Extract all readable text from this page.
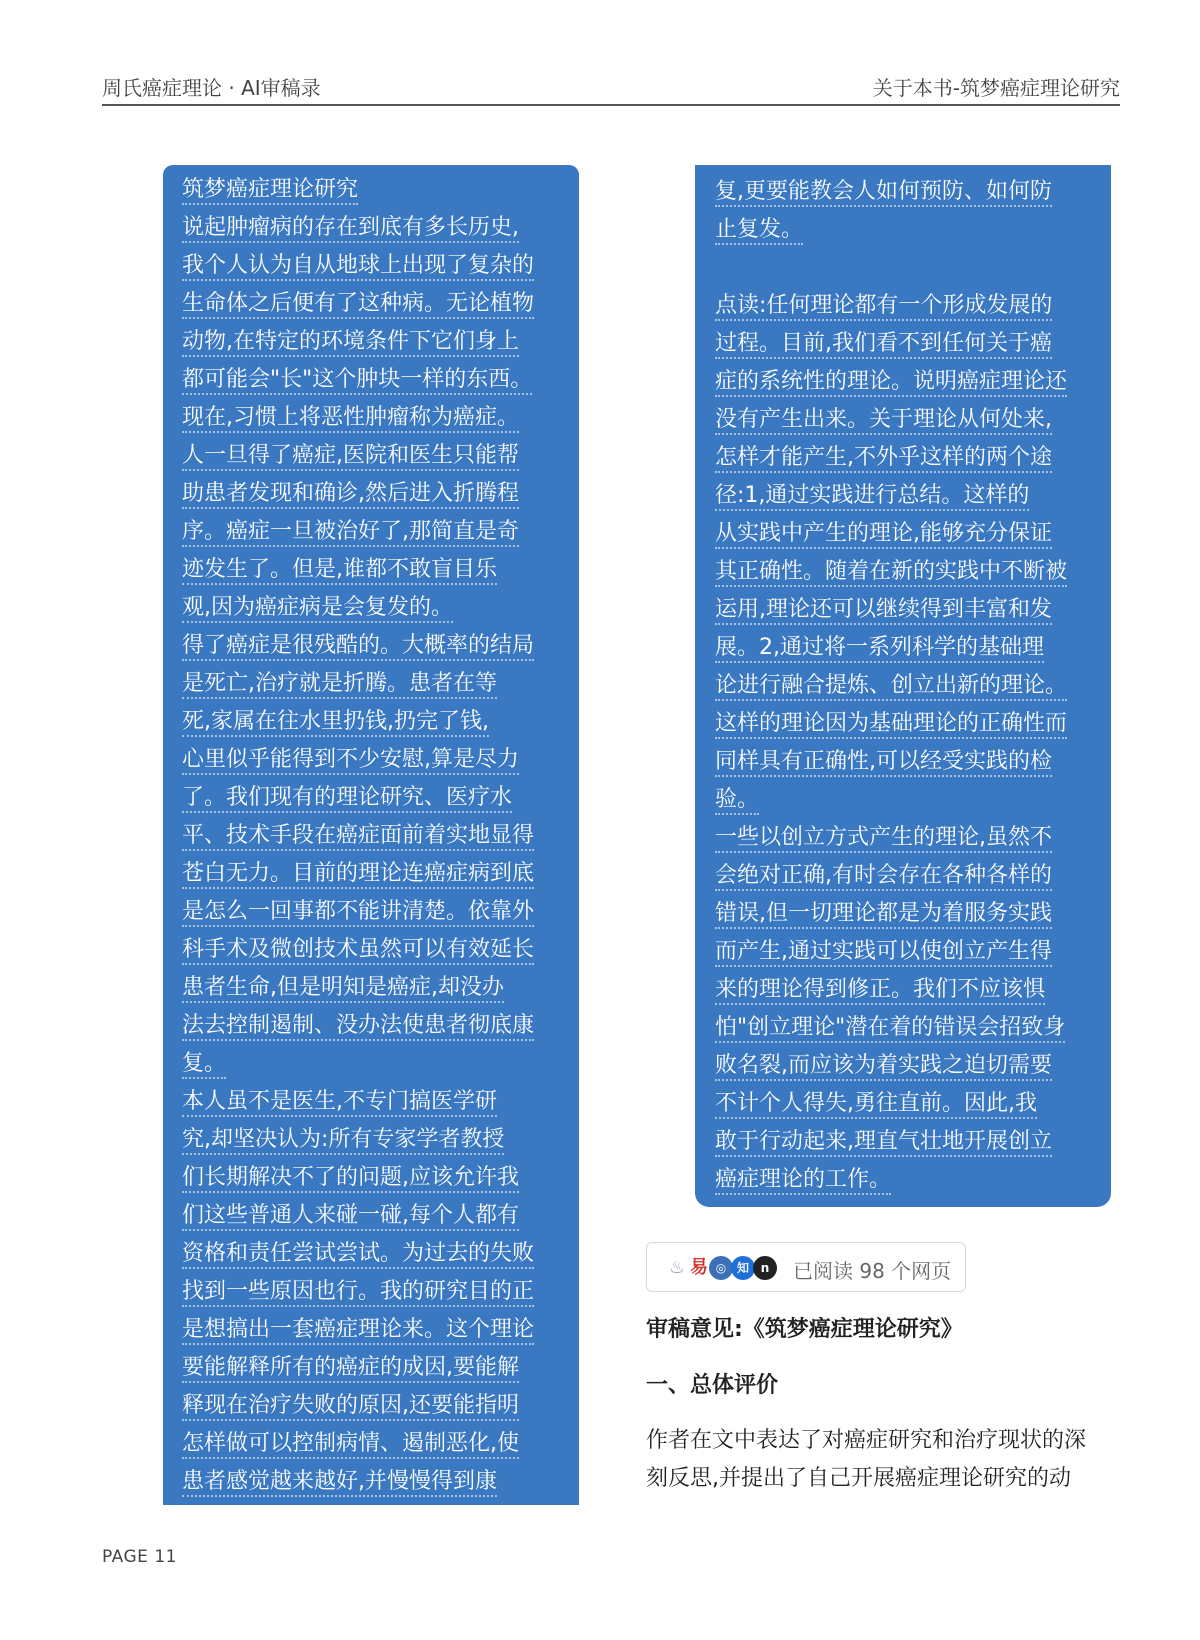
周氏癌症理论 · AI审稿录	关于本书-筑梦癌症理论研究
筑梦癌症理论研究
说起肿瘤病的存在到底有多长历史,
我个人认为自从地球上出现了复杂的
生命体之后便有了这种病。无论植物
动物,在特定的环境条件下它们身上
都可能会"长"这个肿块一样的东西。
现在,习惯上将恶性肿瘤称为癌症。
人一旦得了癌症,医院和医生只能帮
助患者发现和确诊,然后进入折腾程
序。癌症一旦被治好了,那简直是奇
迹发生了。但是,谁都不敢盲目乐
观,因为癌症病是会复发的。
得了癌症是很残酷的。大概率的结局
是死亡,治疗就是折腾。患者在等
死,家属在往水里扔钱,扔完了钱,
心里似乎能得到不少安慰,算是尽力
了。我们现有的理论研究、医疗水
平、技术手段在癌症面前着实地显得
苍白无力。目前的理论连癌症病到底
是怎么一回事都不能讲清楚。依靠外
科手术及微创技术虽然可以有效延长
患者生命,但是明知是癌症,却没办
法去控制遏制、没办法使患者彻底康
复。
本人虽不是医生,不专门搞医学研
究,却坚决认为:所有专家学者教授
们长期解决不了的问题,应该允许我
们这些普通人来碰一碰,每个人都有
资格和责任尝试尝试。为过去的失败
找到一些原因也行。我的研究目的正
是想搞出一套癌症理论来。这个理论
要能解释所有的癌症的成因,要能解
释现在治疗失败的原因,还要能指明
怎样做可以控制病情、遏制恶化,使
患者感觉越来越好,并慢慢得到康
复,更要能教会人如何预防、如何防
止复发。
点读:任何理论都有一个形成发展的
过程。目前,我们看不到任何关于癌
症的系统性的理论。说明癌症理论还
没有产生出来。关于理论从何处来,
怎样才能产生,不外乎这样的两个途
径:1,通过实践进行总结。这样的
从实践中产生的理论,能够充分保证
其正确性。随着在新的实践中不断被
运用,理论还可以继续得到丰富和发
展。2,通过将一系列科学的基础理
论进行融合提炼、创立出新的理论。
这样的理论因为基础理论的正确性而
同样具有正确性,可以经受实践的检
验。
一些以创立方式产生的理论,虽然不
会绝对正确,有时会存在各种各样的
错误,但一切理论都是为着服务实践
而产生,通过实践可以使创立产生得
来的理论得到修正。我们不应该惧
怕"创立理论"潜在着的错误会招致身
败名裂,而应该为着实践之迫切需要
不计个人得失,勇往直前。因此,我
敢于行动起来,理直气壮地开展创立
癌症理论的工作。
♨ 易 ◎ 知 n	已阅读 98 个网页
审稿意见:《筑梦癌症理论研究》
一、总体评价
作者在文中表达了对癌症研究和治疗现状的深
刻反思,并提出了自己开展癌症理论研究的动
PAGE 11
